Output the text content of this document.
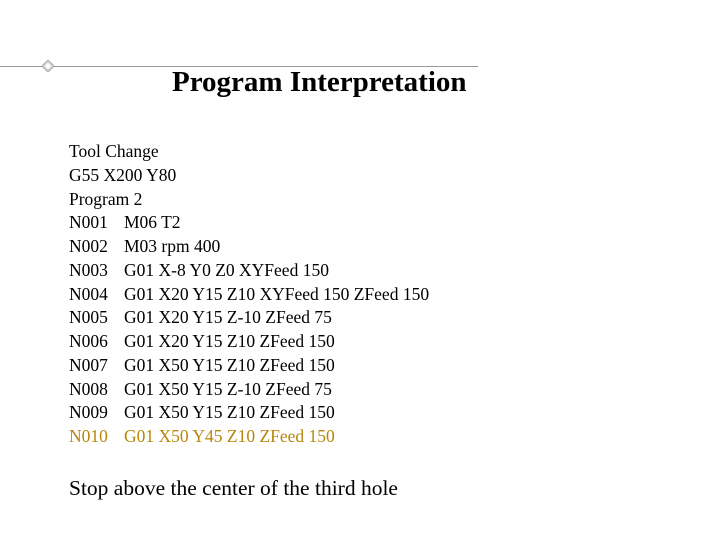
Program Interpretation
Tool Change
G55 X200 Y80
Program 2
N001 M06 T2
N002 M03 rpm 400
N003 G01 X-8 Y0 Z0 XYFeed 150
N004 G01 X20 Y15 Z10 XYFeed 150 ZFeed 150
N005 G01 X20 Y15 Z-10 ZFeed 75
N006 G01 X20 Y15 Z10 ZFeed 150
N007 G01 X50 Y15 Z10 ZFeed 150
N008 G01 X50 Y15 Z-10 ZFeed 75
N009 G01 X50 Y15 Z10 ZFeed 150
N010 G01 X50 Y45 Z10 ZFeed 150
Stop above the center of the third hole
